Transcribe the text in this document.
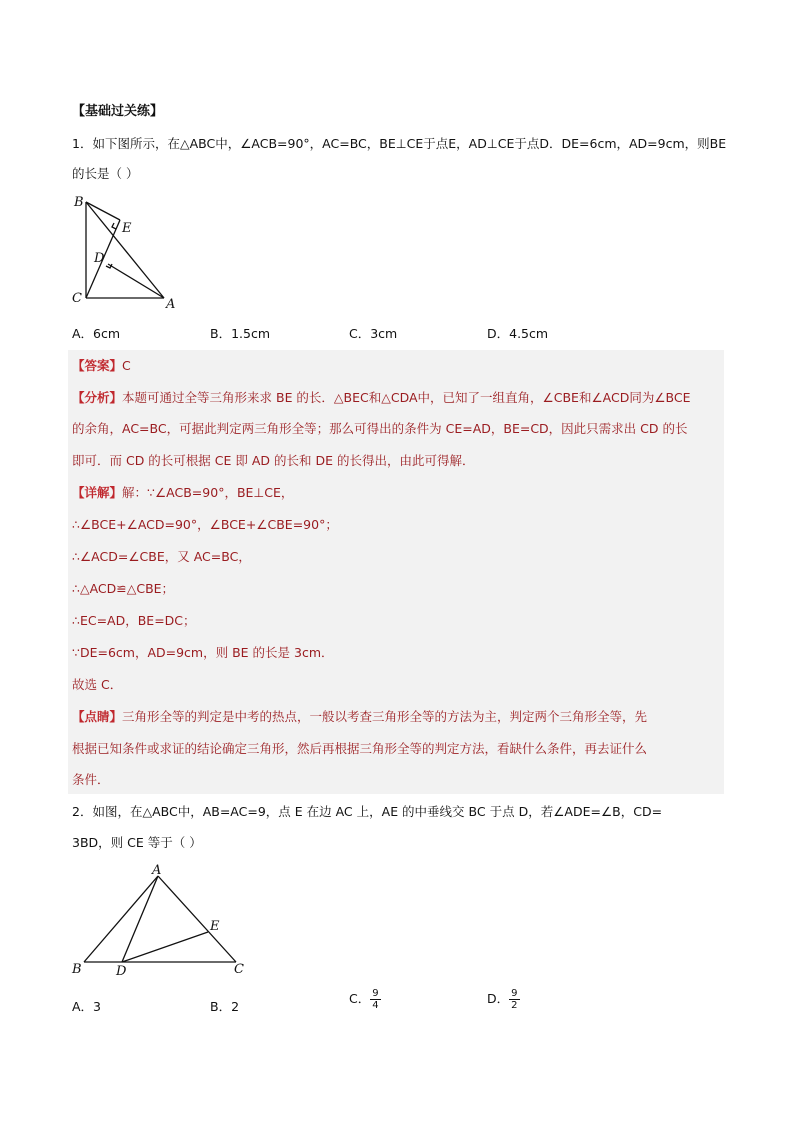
【基础过关练】
1．如下图所示，在△ABC中，∠ACB=90°，AC=BC，BE⊥CE于点E，AD⊥CE于点D．DE=6cm，AD=9cm，则BE
的长是（ ）
B
E
D
C	A
A．6cm	B．1.5cm	C．3cm	D．4.5cm
【答案】C
【分析】本题可通过全等三角形来求 BE 的长．△BEC和△CDA中，已知了一组直角，∠CBE和∠ACD同为∠BCE
的余角，AC=BC，可据此判定两三角形全等；那么可得出的条件为 CE=AD，BE=CD，因此只需求出 CD 的长
即可．而 CD 的长可根据 CE 即 AD 的长和 DE 的长得出，由此可得解．
【详解】解：∵∠ACB=90°，BE⊥CE，
∴∠BCE+∠ACD=90°，∠BCE+∠CBE=90°；
∴∠ACD=∠CBE，又 AC=BC，
∴△ACD≌△CBE；
∴EC=AD，BE=DC；
∵DE=6cm，AD=9cm，则 BE 的长是 3cm．
故选 C．
【点睛】三角形全等的判定是中考的热点，一般以考查三角形全等的方法为主，判定两个三角形全等，先
根据已知条件或求证的结论确定三角形，然后再根据三角形全等的判定方法，看缺什么条件，再去证什么
条件．
2．如图，在△ABC中，AB=AC=9，点 E 在边 AC 上，AE 的中垂线交 BC 于点 D，若∠ADE=∠B，CD=
3BD，则 CE 等于（ ）
A
E
B	D	C
A．3	B．2
C． $\frac{9}{4}$	D． $\frac{9}{2}$
